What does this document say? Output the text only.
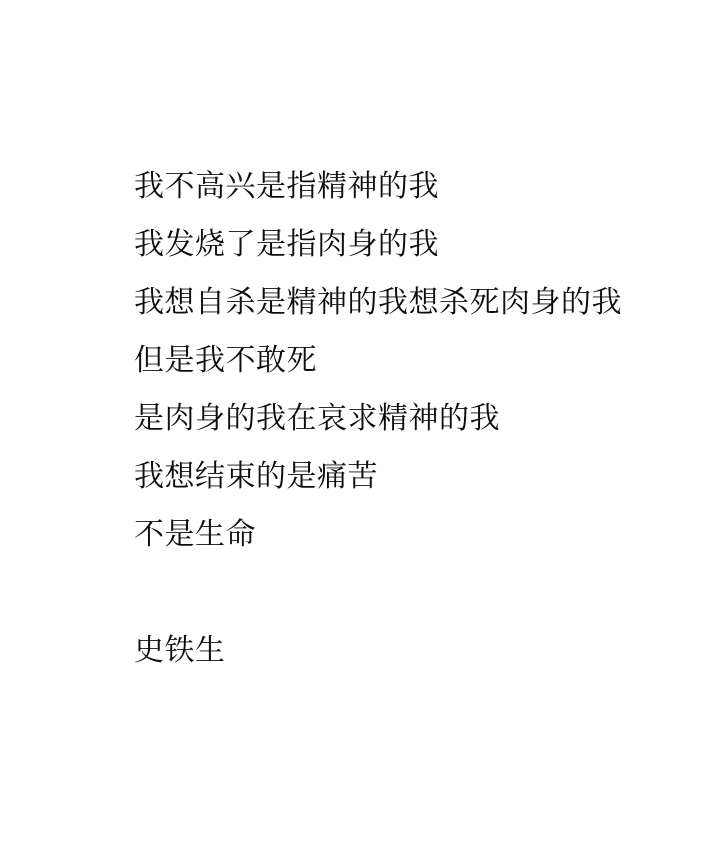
我不高兴是指精神的我
我发烧了是指肉身的我
我想自杀是精神的我想杀死肉身的我
但是我不敢死
是肉身的我在哀求精神的我
我想结束的是痛苦
不是生命
史铁生
